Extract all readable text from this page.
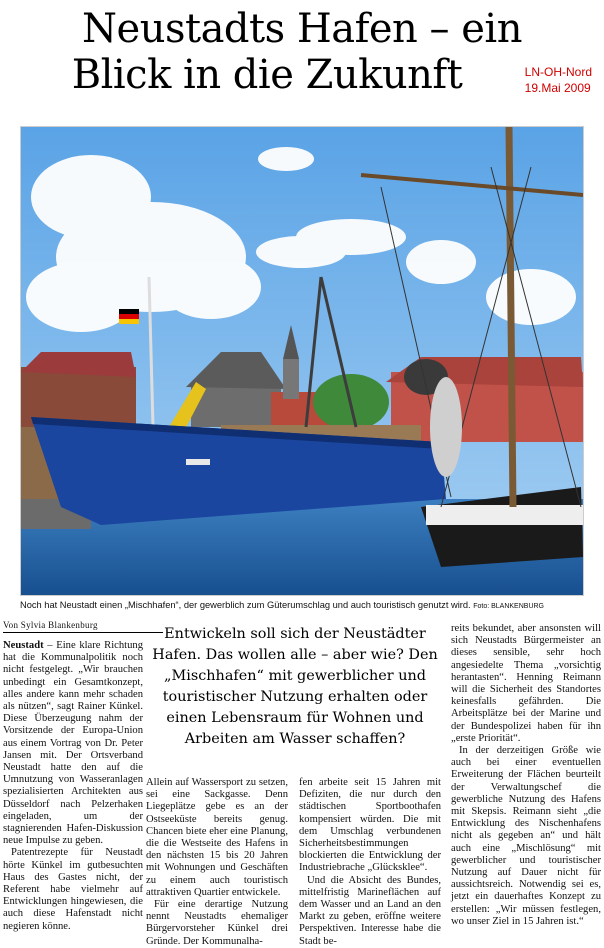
Neustadts Hafen – ein
Blick in die Zukunft	LN-OH-Nord
19.Mai 2009
Noch hat Neustadt einen „Mischhafen“, der gewerblich zum Güterumschlag und auch touristisch genutzt wird. Foto: BLANKENBURG
Von Sylvia Blankenburg

Neustadt – Eine klare Richtung hat die Kommunalpolitik noch nicht festgelegt. „Wir brauchen unbedingt ein Gesamtkonzept, alles andere kann mehr schaden als nützen“, sagt Rainer Künkel. Diese Überzeugung nahm der Vorsitzende der Europa-Union aus einem Vortrag von Dr. Peter Jansen mit. Der Ortsverband Neustadt hatte den auf die Umnutzung von Wasseranlagen spezialisierten Architekten aus Düsseldorf nach Pelzerhaken eingeladen, um der stagnierenden Hafen-Diskussion neue Impulse zu geben.

Patentrezepte für Neustadt hörte Künkel im gutbesuchten Haus des Gastes nicht, der Referent habe vielmehr auf Entwicklungen hingewiesen, die auch diese Hafenstadt nicht negieren könne.

Entwickeln soll sich der Neustädter Hafen. Das wollen alle – aber wie? Den „Mischhafen“ mit gewerblicher und touristischer Nutzung erhalten oder einen Lebensraum für Wohnen und Arbeiten am Wasser schaffen?

Allein auf Wassersport zu setzen, sei eine Sackgasse. Denn Liegeplätze gebe es an der Ostseeküste bereits genug. Chancen biete eher eine Planung, die die Westseite des Hafens in den nächsten 15 bis 20 Jahren mit Wohnungen und Geschäften zu einem auch touristisch attraktiven Quartier entwickele.

Für eine derartige Nutzung nennt Neustadts ehemaliger Bürgervorsteher Künkel drei Gründe. Der Kommunalha-

fen arbeite seit 15 Jahren mit Defiziten, die nur durch den städtischen Sportboothafen kompensiert würden. Die mit dem Umschlag verbundenen Sicherheitsbestimmungen blockierten die Entwicklung der Industriebrache „Glücksklee“.

Und die Absicht des Bundes, mittelfristig Marineflächen auf dem Wasser und an Land an den Markt zu geben, eröffne weitere Perspektiven. Interesse habe die Stadt be-

reits bekundet, aber ansonsten will sich Neustadts Bürgermeister an dieses sensible, sehr hoch angesiedelte Thema „vorsichtig herantasten“. Henning Reimann will die Sicherheit des Standortes keinesfalls gefährden. Die Arbeitsplätze bei der Marine und der Bundespolizei haben für ihn „erste Priorität“.

In der derzeitigen Größe wie auch bei einer eventuellen Erweiterung der Flächen beurteilt der Verwaltungschef die gewerbliche Nutzung des Hafens mit Skepsis. Reimann sieht „die Entwicklung des Nischenhafens nicht als gegeben an“ und hält auch eine „Mischlösung“ mit gewerblicher und touristischer Nutzung auf Dauer nicht für aussichtsreich. Notwendig sei es, jetzt ein dauerhaftes Konzept zu erstellen: „Wir müssen festlegen, wo unser Ziel in 15 Jahren ist.“
